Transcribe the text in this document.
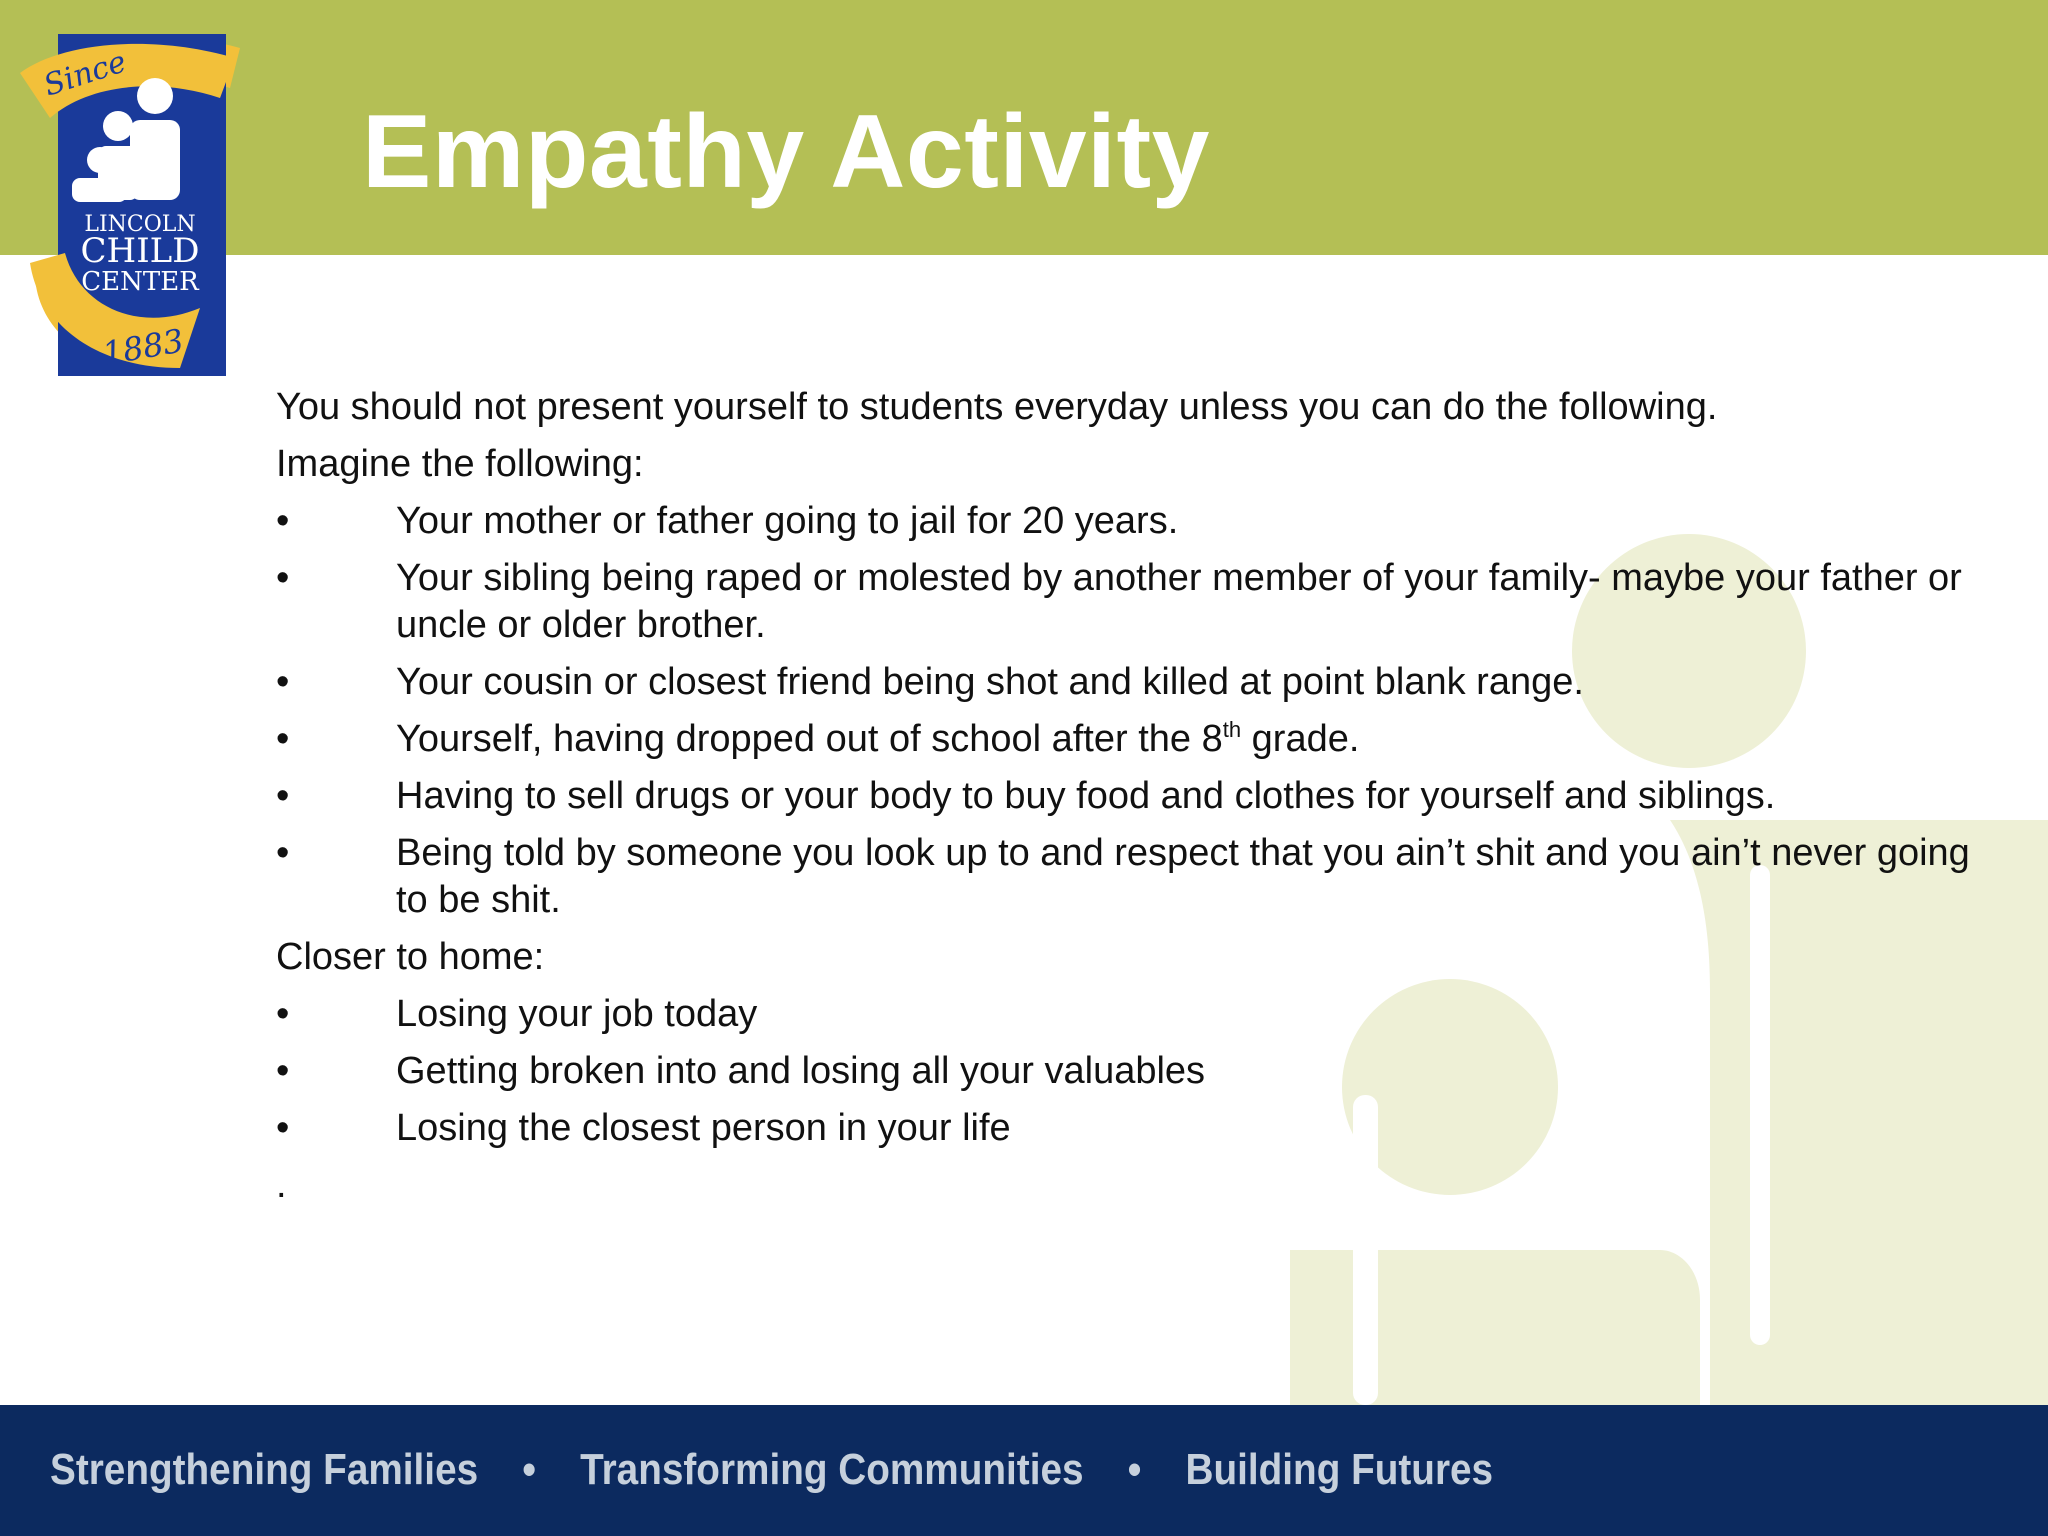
Empathy Activity
Since
LINCOLN
CHILD
CENTER
1883
You should not present yourself to students everyday unless you can do the following.
Imagine the following:
•	Your mother or father going to jail for 20 years.
•	Your sibling being raped or molested by another member of your family- maybe your father or uncle or older brother.
•	Your cousin or closest friend being shot and killed at point blank range.
•	Yourself, having dropped out of school after the 8th grade.
•	Having to sell drugs or your body to buy food and clothes for yourself and siblings.
•	Being told by someone you look up to and respect that you ain’t shit and you ain’t never going to be shit.
Closer to home:
•	Losing your job today
•	Getting broken into and losing all your valuables
•	Losing the closest person in your life
.
Strengthening Families • Transforming Communities • Building Futures
